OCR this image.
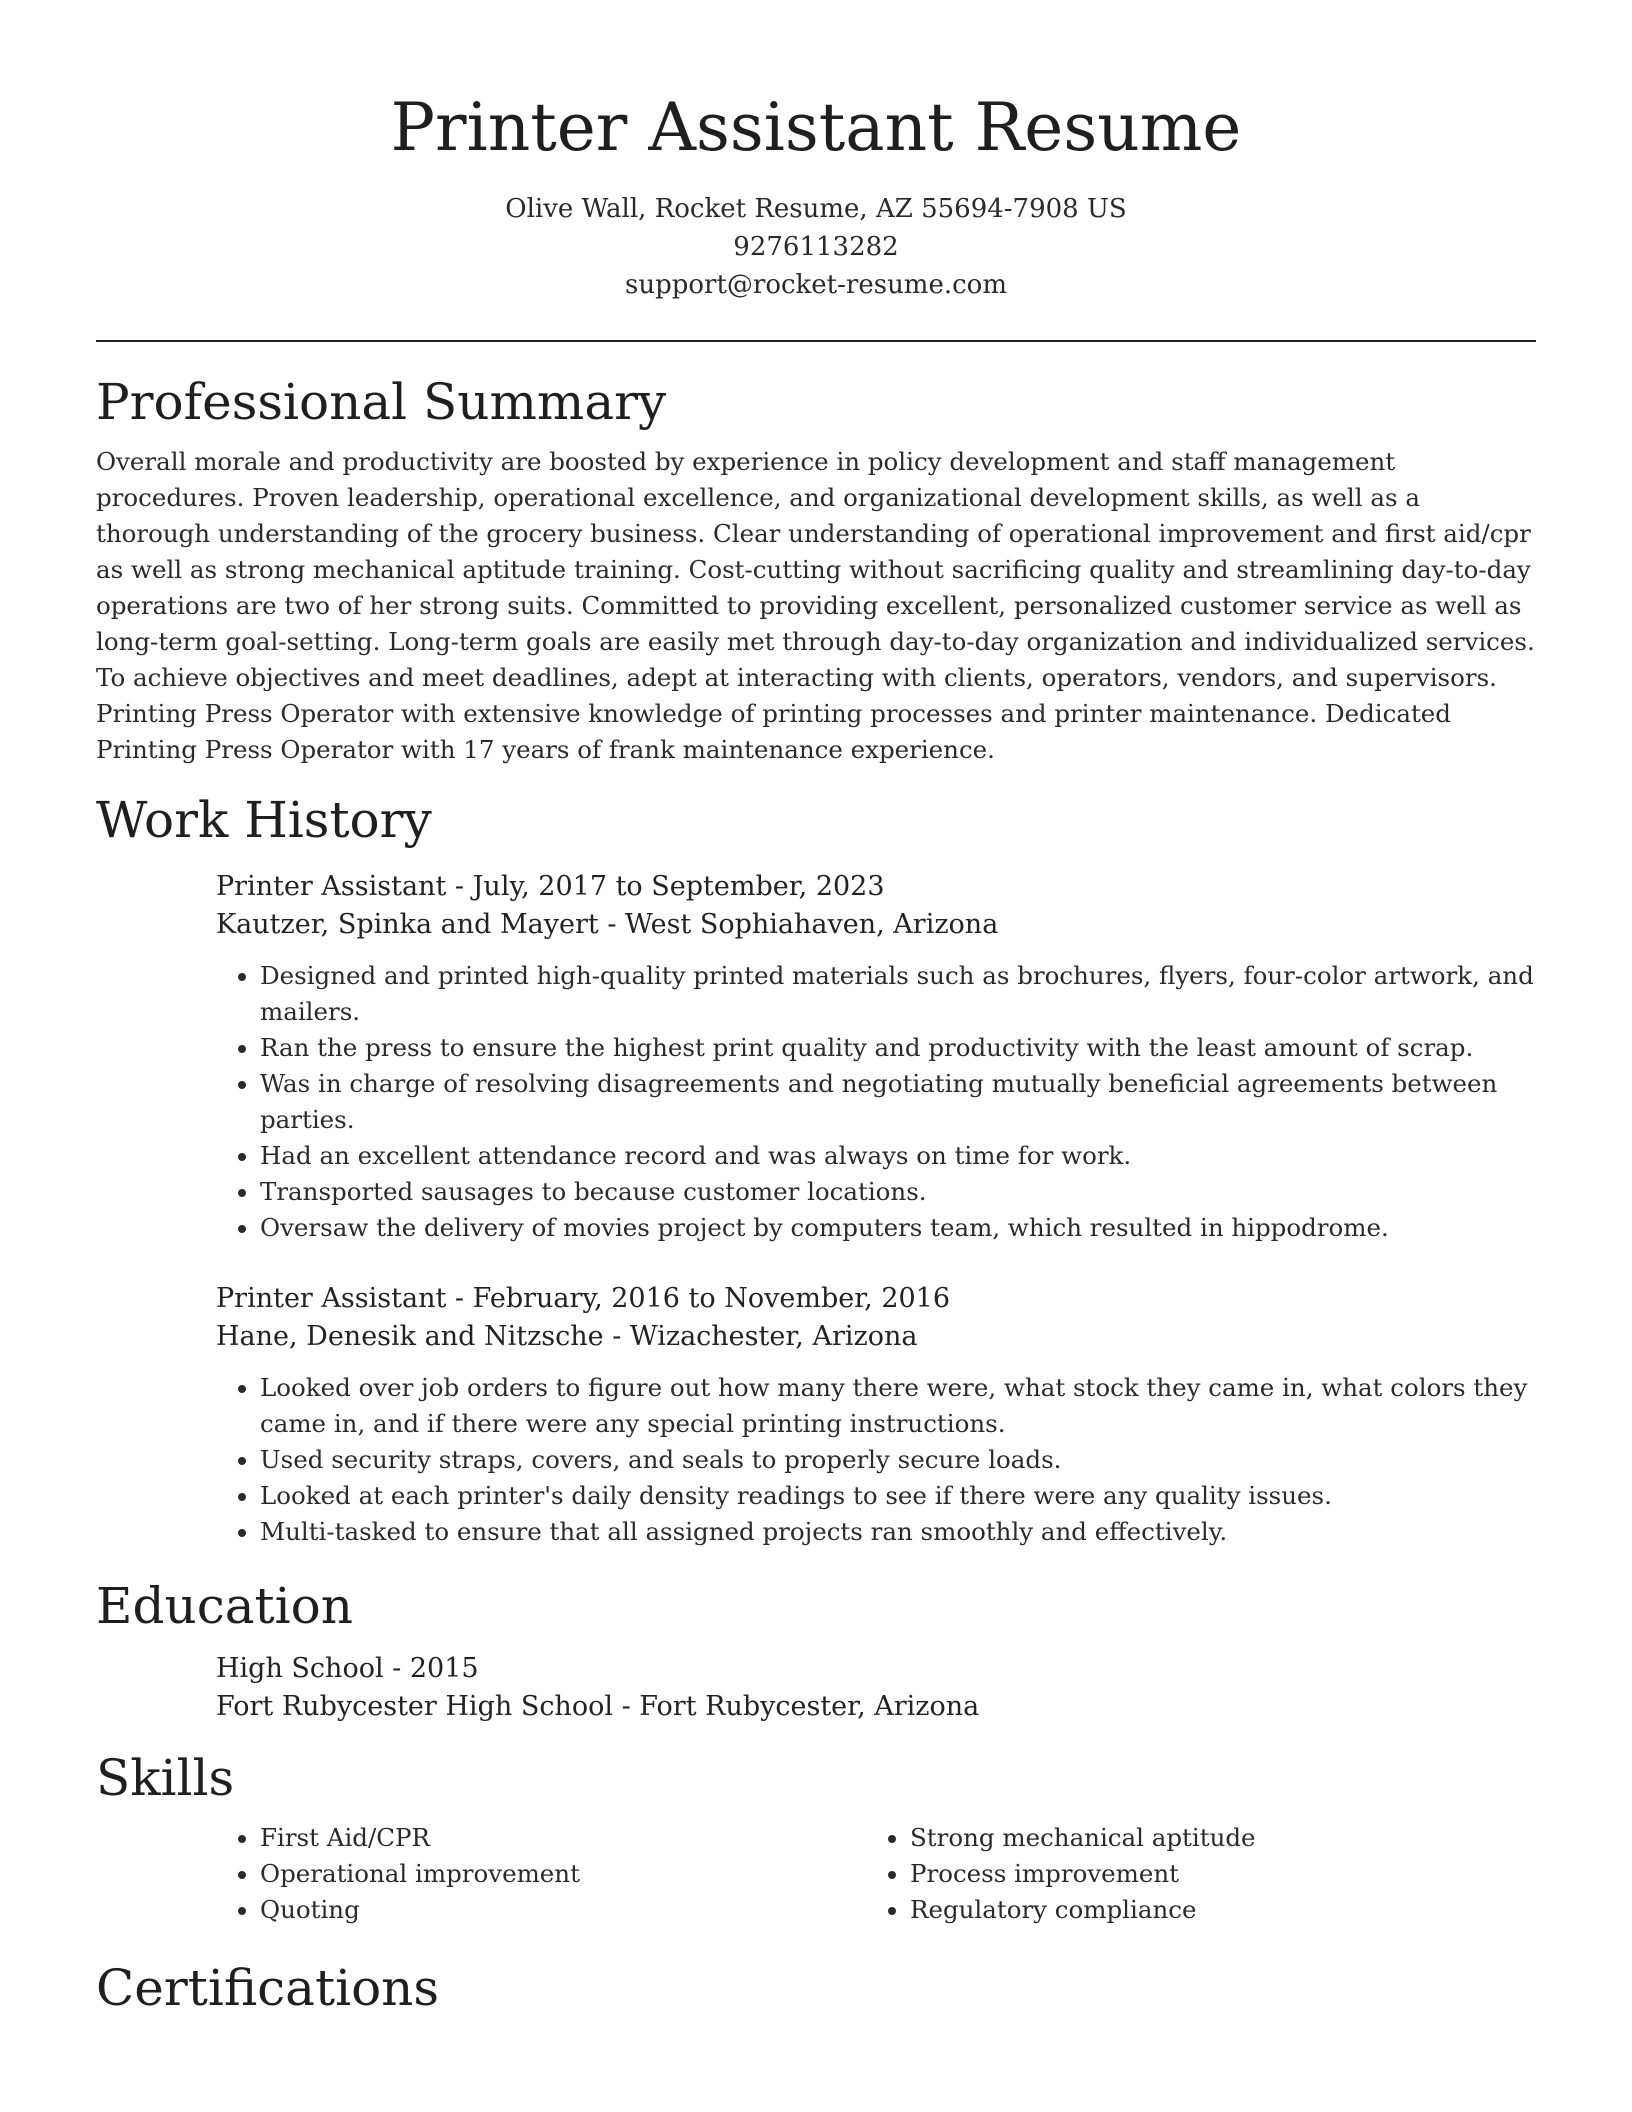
Printer Assistant Resume
Olive Wall, Rocket Resume, AZ 55694-7908 US
9276113282
support@rocket-resume.com
Professional Summary

Overall morale and productivity are boosted by experience in policy development and staff management procedures. Proven leadership, operational excellence, and organizational development skills, as well as a thorough understanding of the grocery business. Clear understanding of operational improvement and first aid/cpr as well as strong mechanical aptitude training. Cost-cutting without sacrificing quality and streamlining day-to-day operations are two of her strong suits. Committed to providing excellent, personalized customer service as well as long-term goal-setting. Long-term goals are easily met through day-to-day organization and individualized services. To achieve objectives and meet deadlines, adept at interacting with clients, operators, vendors, and supervisors. Printing Press Operator with extensive knowledge of printing processes and printer maintenance. Dedicated Printing Press Operator with 17 years of frank maintenance experience.

Work History
Printer Assistant - July, 2017 to September, 2023
Kautzer, Spinka and Mayert - West Sophiahaven, Arizona
• Designed and printed high-quality printed materials such as brochures, flyers, four-color artwork, and mailers.
• Ran the press to ensure the highest print quality and productivity with the least amount of scrap.
• Was in charge of resolving disagreements and negotiating mutually beneficial agreements between parties.
• Had an excellent attendance record and was always on time for work.
• Transported sausages to because customer locations.
• Oversaw the delivery of movies project by computers team, which resulted in hippodrome.
Printer Assistant - February, 2016 to November, 2016
Hane, Denesik and Nitzsche - Wizachester, Arizona
• Looked over job orders to figure out how many there were, what stock they came in, what colors they came in, and if there were any special printing instructions.
• Used security straps, covers, and seals to properly secure loads.
• Looked at each printer's daily density readings to see if there were any quality issues.
• Multi-tasked to ensure that all assigned projects ran smoothly and effectively.
Education
High School - 2015
Fort Rubycester High School - Fort Rubycester, Arizona
Skills
• First Aid/CPR
• Operational improvement
• Quoting
• Strong mechanical aptitude
• Process improvement
• Regulatory compliance
Certifications
